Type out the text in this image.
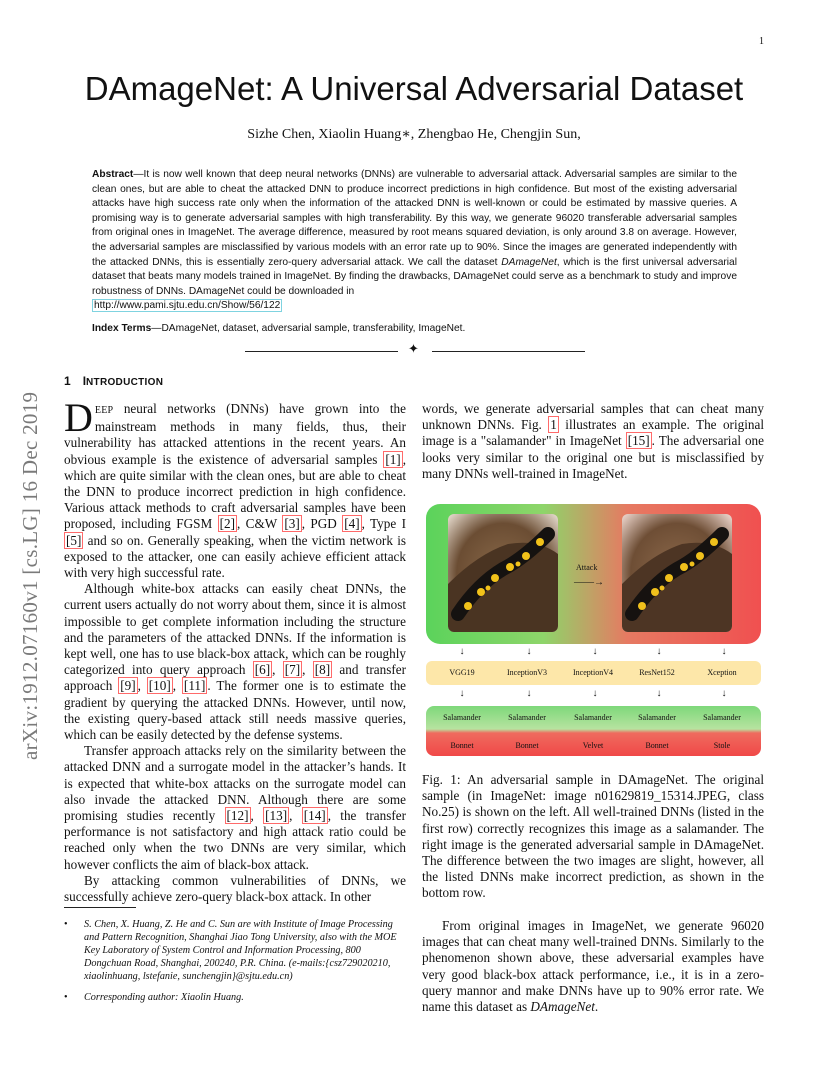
1
arXiv:1912.07160v1 [cs.LG] 16 Dec 2019
DAmageNet: A Universal Adversarial Dataset
Sizhe Chen, Xiaolin Huang∗, Zhengbao He, Chengjin Sun,
Abstract—It is now well known that deep neural networks (DNNs) are vulnerable to adversarial attack. Adversarial samples are similar to the clean ones, but are able to cheat the attacked DNN to produce incorrect predictions in high confidence. But most of the existing adversarial attacks have high success rate only when the information of the attacked DNN is well-known or could be estimated by massive queries. A promising way is to generate adversarial samples with high transferability. By this way, we generate 96020 transferable adversarial samples from original ones in ImageNet. The average difference, measured by root means squared deviation, is only around 3.8 on average. However, the adversarial samples are misclassified by various models with an error rate up to 90%. Since the images are generated independently with the attacked DNNs, this is essentially zero-query adversarial attack. We call the dataset DAmageNet, which is the first universal adversarial dataset that beats many models trained in ImageNet. By finding the drawbacks, DAmageNet could serve as a benchmark to study and improve robustness of DNNs. DAmageNet could be downloaded in
http://www.pami.sjtu.edu.cn/Show/56/122
Index Terms—DAmageNet, dataset, adversarial sample, transferability, ImageNet.
✦
1 INTRODUCTION

DEEP neural networks (DNNs) have grown into the mainstream methods in many fields, thus, their vulnerability has attacked attentions in the recent years. An obvious example is the existence of adversarial samples [1] , which are quite similar with the clean ones, but are able to cheat the DNN to produce incorrect prediction in high confidence. Various attack methods to craft adversarial samples have been proposed, including FGSM [2] , C&W [3] , PGD [4] , Type I [5] and so on. Generally speaking, when the victim network is exposed to the attacker, one can easily achieve efficient attack with very high successful rate.

Although white-box attacks can easily cheat DNNs, the current users actually do not worry about them, since it is almost impossible to get complete information including the structure and the parameters of the attacked DNNs. If the information is kept well, one has to use black-box attack, which can be roughly categorized into query approach [6] , [7] , [8] and transfer approach [9] , [10] , [11] . The former one is to estimate the gradient by querying the attacked DNNs. However, until now, the existing query-based attack still needs massive queries, which can be easily detected by the defense systems.

Transfer approach attacks rely on the similarity between the attacked DNN and a surrogate model in the attacker’s hands. It is expected that white-box attacks on the surrogate model can also invade the attacked DNN. Although there are some promising studies recently [12] , [13] , [14] , the transfer performance is not satisfactory and high attack ratio could be reached only when the two DNNs are very similar, which however conflicts the aim of black-box attack.

By attacking common vulnerabilities of DNNs, we successfully achieve zero-query black-box attack. In other

words, we generate adversarial samples that can cheat many unknown DNNs. Fig. 1 illustrates an example. The original image is a "salamander" in ImageNet [15] . The adversarial one looks very similar to the original one but is misclassified by many DNNs well-trained in ImageNet.

Attack
——→
↓	↓	↓	↓	↓
VGG19	InceptionV3	InceptionV4	ResNet152	Xception
↓	↓	↓	↓	↓
Salamander	Salamander	Salamander	Salamander	Salamander
Bonnet	Bonnet	Velvet	Bonnet	Stole
Fig. 1: An adversarial sample in DAmageNet. The original sample (in ImageNet: image n01629819_15314.JPEG, class No.25) is shown on the left. All well-trained DNNs (listed in the first row) correctly recognizes this image as a salamander. The right image is the generated adversarial sample in DAmageNet. The difference between the two images are slight, however, all the listed DNNs make incorrect prediction, as shown in the bottom row.
• S. Chen, X. Huang, Z. He and C. Sun are with Institute of Image Processing and Pattern Recognition, Shanghai Jiao Tong University, also with the MOE Key Laboratory of System Control and Information Processing, 800 Dongchuan Road, Shanghai, 200240, P.R. China. (e-mails:{csz729020210, xiaolinhuang, lstefanie, sunchengjin}@sjtu.edu.cn)
• Corresponding author: Xiaolin Huang.
From original images in ImageNet, we generate 96020 images that can cheat many well-trained DNNs. Similarly to the phenomenon shown above, these adversarial examples have very good black-box attack performance, i.e., it is in a zero-query mannor and make DNNs have up to 90% error rate. We name this dataset as DAmageNet.
